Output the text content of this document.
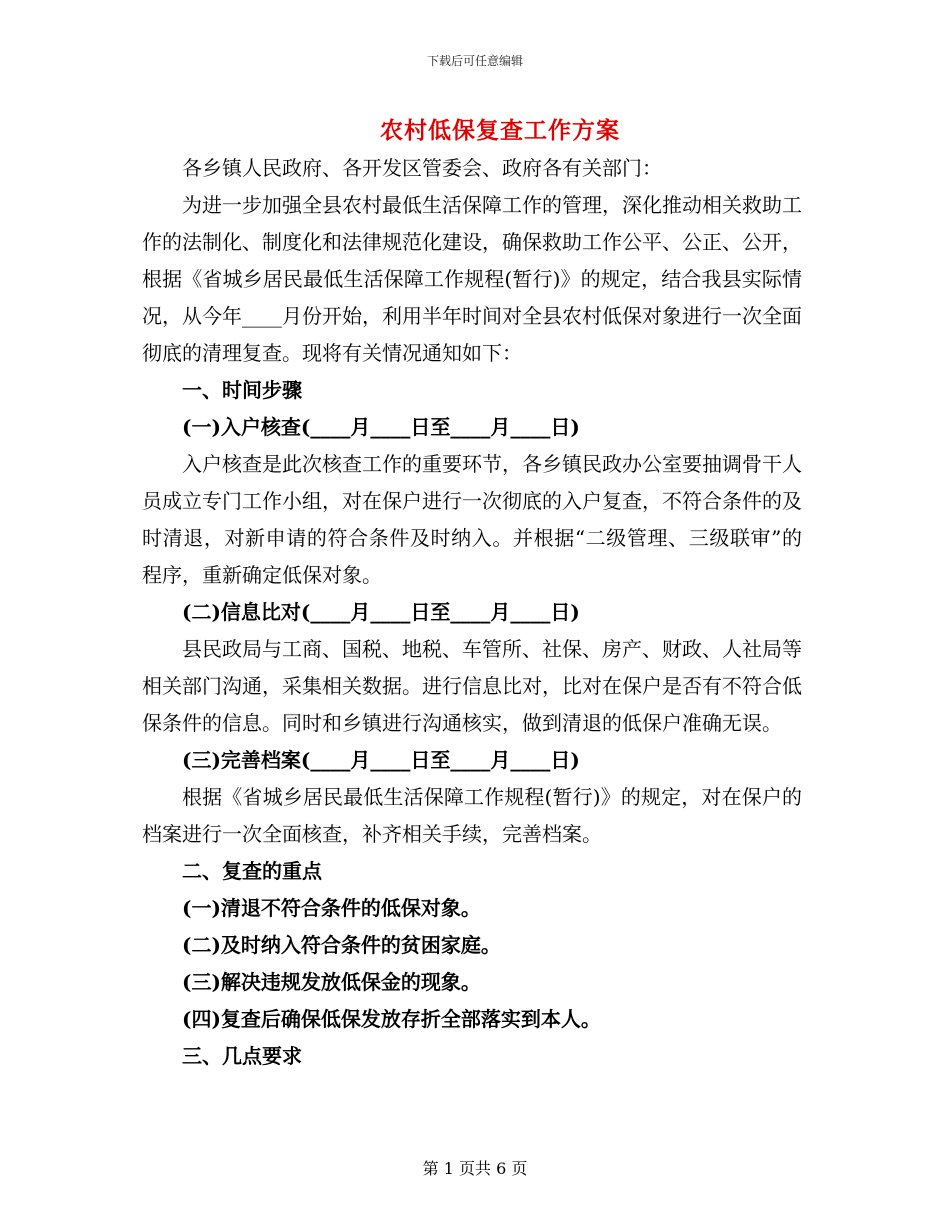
下载后可任意编辑
农村低保复查工作方案

各乡镇人民政府、各开发区管委会、政府各有关部门：

为进一步加强全县农村最低生活保障工作的管理，深化推动相关救助工作的法制化、制度化和法律规范化建设，确保救助工作公平、公正、公开，根据《省城乡居民最低生活保障工作规程(暂行)》的规定，结合我县实际情况，从今年____月份开始，利用半年时间对全县农村低保对象进行一次全面彻底的清理复查。现将有关情况通知如下：

一、时间步骤

(一)入户核查(____月____日至____月____日)

入户核查是此次核查工作的重要环节，各乡镇民政办公室要抽调骨干人员成立专门工作小组，对在保户进行一次彻底的入户复查，不符合条件的及时清退，对新申请的符合条件及时纳入。并根据“二级管理、三级联审”的程序，重新确定低保对象。

(二)信息比对(____月____日至____月____日)

县民政局与工商、国税、地税、车管所、社保、房产、财政、人社局等相关部门沟通，采集相关数据。进行信息比对，比对在保户是否有不符合低保条件的信息。同时和乡镇进行沟通核实，做到清退的低保户准确无误。

(三)完善档案(____月____日至____月____日)

根据《省城乡居民最低生活保障工作规程(暂行)》的规定，对在保户的档案进行一次全面核查，补齐相关手续，完善档案。

二、复查的重点

(一)清退不符合条件的低保对象。

(二)及时纳入符合条件的贫困家庭。

(三)解决违规发放低保金的现象。

(四)复查后确保低保发放存折全部落实到本人。

三、几点要求

第 1 页共 6 页
